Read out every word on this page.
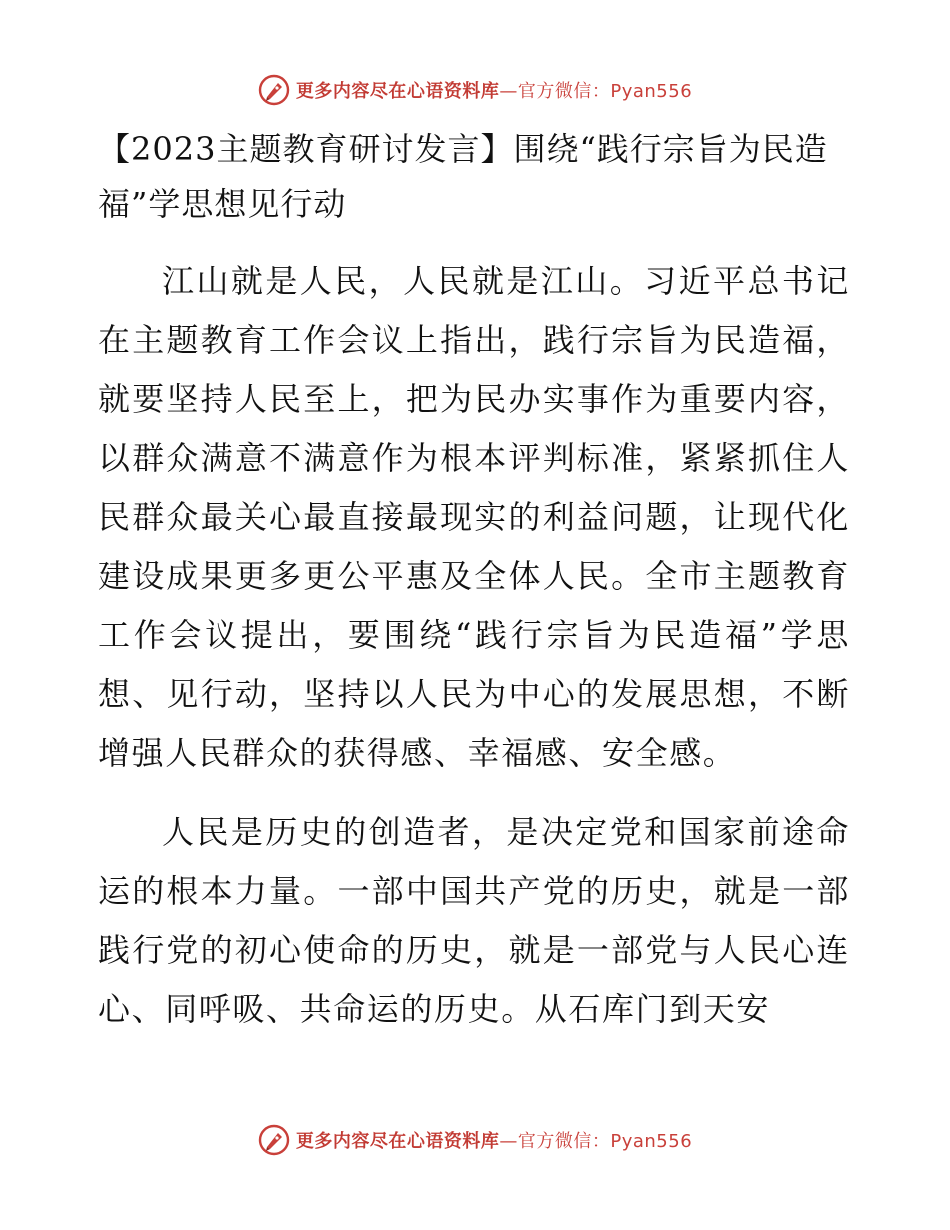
更多内容尽在心语资料库—官方微信：Pyan556
【2023主题教育研讨发言】围绕“践行宗旨为民造福”学思想见行动

江山就是人民，人民就是江山。习近平总书记在主题教育工作会议上指出，践行宗旨为民造福，就要坚持人民至上，把为民办实事作为重要内容，以群众满意不满意作为根本评判标准，紧紧抓住人民群众最关心最直接最现实的利益问题，让现代化建设成果更多更公平惠及全体人民。全市主题教育工作会议提出，要围绕“践行宗旨为民造福”学思想、见行动，坚持以人民为中心的发展思想，不断增强人民群众的获得感、幸福感、安全感。

人民是历史的创造者，是决定党和国家前途命运的根本力量。一部中国共产党的历史，就是一部践行党的初心使命的历史，就是一部党与人民心连心、同呼吸、共命运的历史。从石库门到天安

更多内容尽在心语资料库—官方微信：Pyan556
